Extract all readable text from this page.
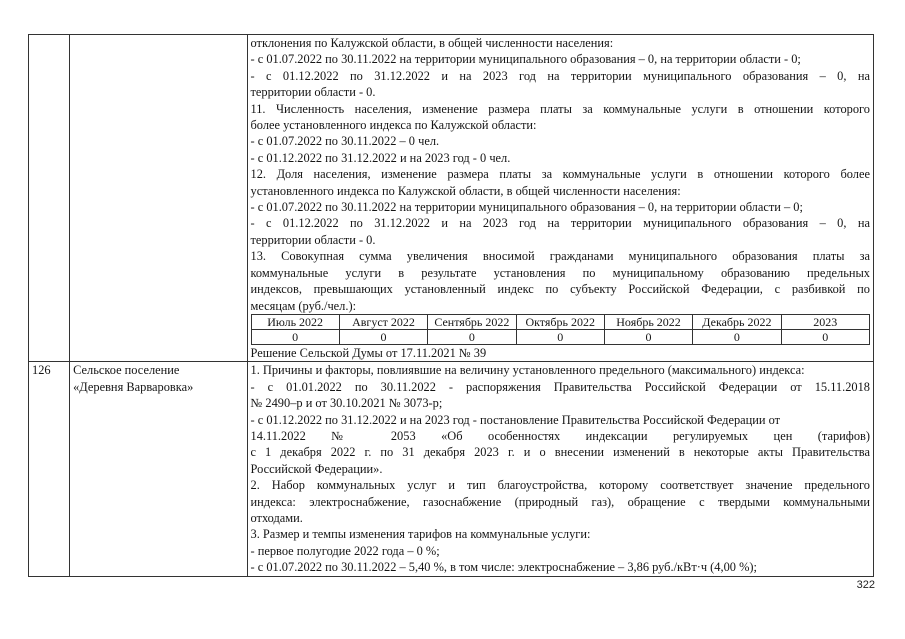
отклонения по Калужской области, в общей численности населения:
- с 01.07.2022 по 30.11.2022 на территории муниципального образования – 0, на территории области - 0;
- с 01.12.2022 по 31.12.2022 и на 2023 год на территории муниципального образования – 0, на
территории области - 0.
11. Численность населения, изменение размера платы за коммунальные услуги в отношении которого
более установленного индекса по Калужской области:
- с 01.07.2022 по 30.11.2022 – 0 чел.
- с 01.12.2022 по 31.12.2022 и на 2023 год - 0 чел.
12. Доля населения, изменение размера платы за коммунальные услуги в отношении которого более
установленного индекса по Калужской области, в общей численности населения:
- с 01.07.2022 по 30.11.2022 на территории муниципального образования – 0, на территории области – 0;
- с 01.12.2022 по 31.12.2022 и на 2023 год на территории муниципального образования – 0, на
территории области - 0.
13. Совокупная сумма увеличения вносимой гражданами муниципального образования платы за
коммунальные услуги в результате установления по муниципальному образованию предельных
индексов, превышающих установленный индекс по субъекту Российской Федерации, с разбивкой по
месяцам (руб./чел.):
Июль 2022	Август 2022	Сентябрь 2022	Октябрь 2022	Ноябрь 2022	Декабрь 2022	2023
0	0	0	0	0	0	0
Решение Сельской Думы от 17.11.2021 № 39

126	Сельское поселение
«Деревня Варваровка»

1. Причины и факторы, повлиявшие на величину установленного предельного (максимального) индекса:
- с 01.01.2022 по 30.11.2022 - распоряжения Правительства Российской Федерации от 15.11.2018
№ 2490–р и от 30.10.2021 № 3073-р;
- с 01.12.2022 по 31.12.2022 и на 2023 год - постановление Правительства Российской Федерации от
14.11.2022 № 2053 «Об особенностях индексации регулируемых цен (тарифов)
с 1 декабря 2022 г. по 31 декабря 2023 г. и о внесении изменений в некоторые акты Правительства
Российской Федерации».
2. Набор коммунальных услуг и тип благоустройства, которому соответствует значение предельного
индекса: электроснабжение, газоснабжение (природный газ), обращение с твердыми коммунальными
отходами.
3. Размер и темпы изменения тарифов на коммунальные услуги:
- первое полугодие 2022 года – 0 %;
- с 01.07.2022 по 30.11.2022 – 5,40 %, в том числе: электроснабжение – 3,86 руб./кВт·ч (4,00 %);
322
